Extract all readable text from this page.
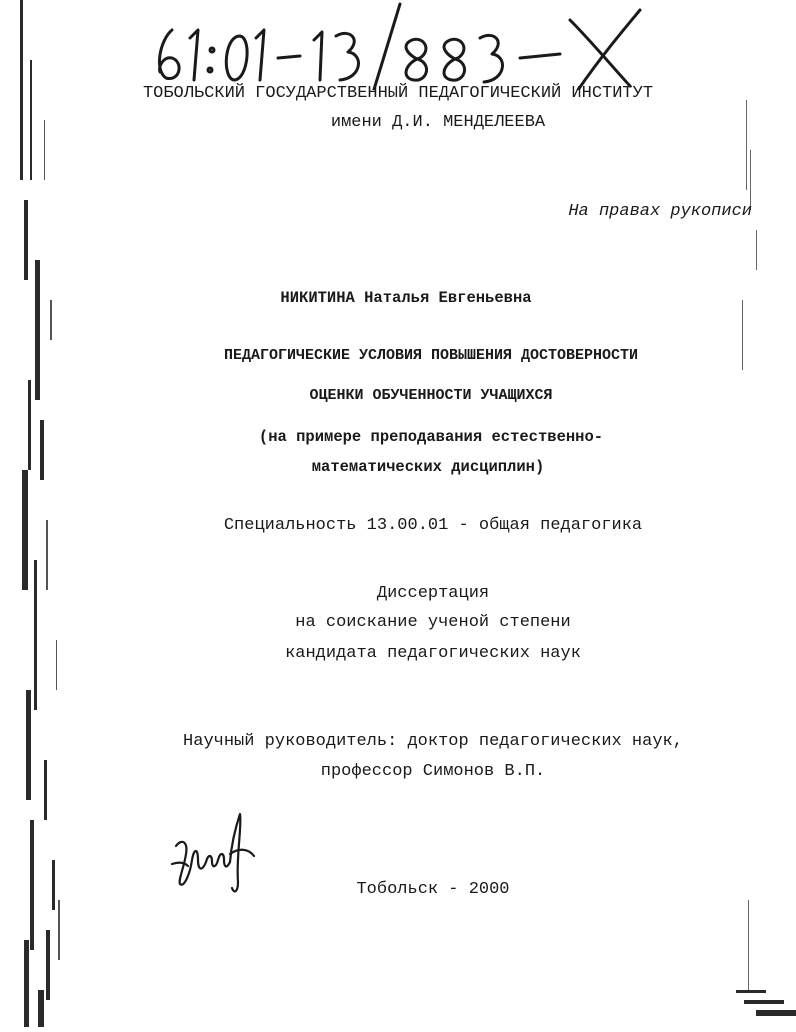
ТОБОЛЬСКИЙ ГОСУДАРСТВЕННЫЙ ПЕДАГОГИЧЕСКИЙ ИНСТИТУТ
имени Д.И. МЕНДЕЛЕЕВА
На правах рукописи
НИКИТИНА Наталья Евгеньевна
ПЕДАГОГИЧЕСКИЕ УСЛОВИЯ ПОВЫШЕНИЯ ДОСТОВЕРНОСТИ
ОЦЕНКИ ОБУЧЕННОСТИ УЧАЩИХСЯ
(на примере преподавания естественно-
математических дисциплин)
Специальность 13.00.01 - общая педагогика
Диссертация
на соискание ученой степени
кандидата педагогических наук
Научный руководитель: доктор педагогических наук,
профессор Симонов В.П.
Тобольск - 2000
